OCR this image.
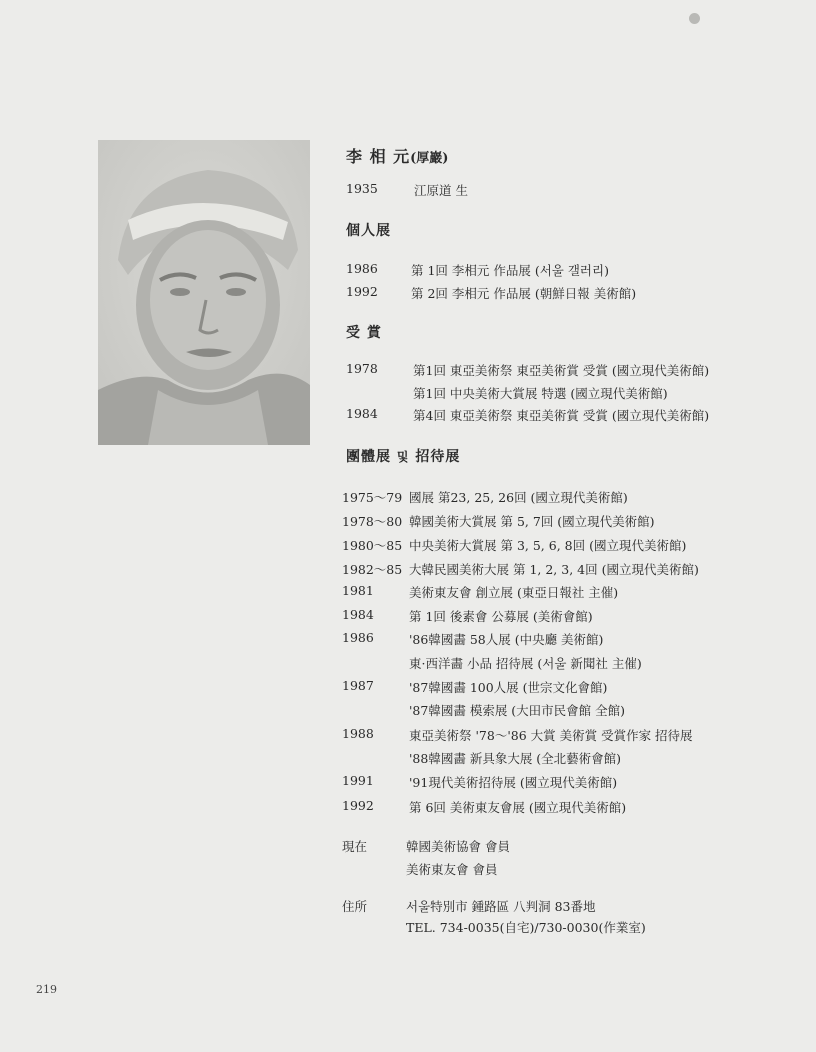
李 相 元(厚巖)
1935	江原道 生
個人展
1986	第 1回 李相元 作品展 (서울 갤러리)
1992	第 2回 李相元 作品展 (朝鮮日報 美術館)
受 賞
1978	第1回 東亞美術祭 東亞美術賞 受賞 (國立現代美術館)
第1回 中央美術大賞展 特選 (國立現代美術館)
1984	第4回 東亞美術祭 東亞美術賞 受賞 (國立現代美術館)
團體展 및 招待展
1975〜79 國展 第23, 25, 26回 (國立現代美術館)
1978〜80 韓國美術大賞展 第 5, 7回 (國立現代美術館)
1980〜85 中央美術大賞展 第 3, 5, 6, 8回 (國立現代美術館)
1982〜85 大韓民國美術大展 第 1, 2, 3, 4回 (國立現代美術館)
1981	美術東友會 創立展 (東亞日報社 主催)
1984	第 1回 後素會 公募展 (美術會館)
1986	'86韓國畵 58人展 (中央廳 美術館)
東·西洋畵 小品 招待展 (서울 新聞社 主催)
1987	'87韓國畵 100人展 (世宗文化會館)
'87韓國畵 模索展 (大田市民會館 全館)
1988	東亞美術祭 '78〜'86 大賞 美術賞 受賞作家 招待展
'88韓國畵 新具象大展 (全北藝術會館)
1991	'91現代美術招待展 (國立現代美術館)
1992	第 6回 美術東友會展 (國立現代美術館)
現在	韓國美術協會 會員
美術東友會 會員
住所	서울特別市 鍾路區 八判洞 83番地
TEL. 734-0035(自宅)/730-0030(作業室)
219
